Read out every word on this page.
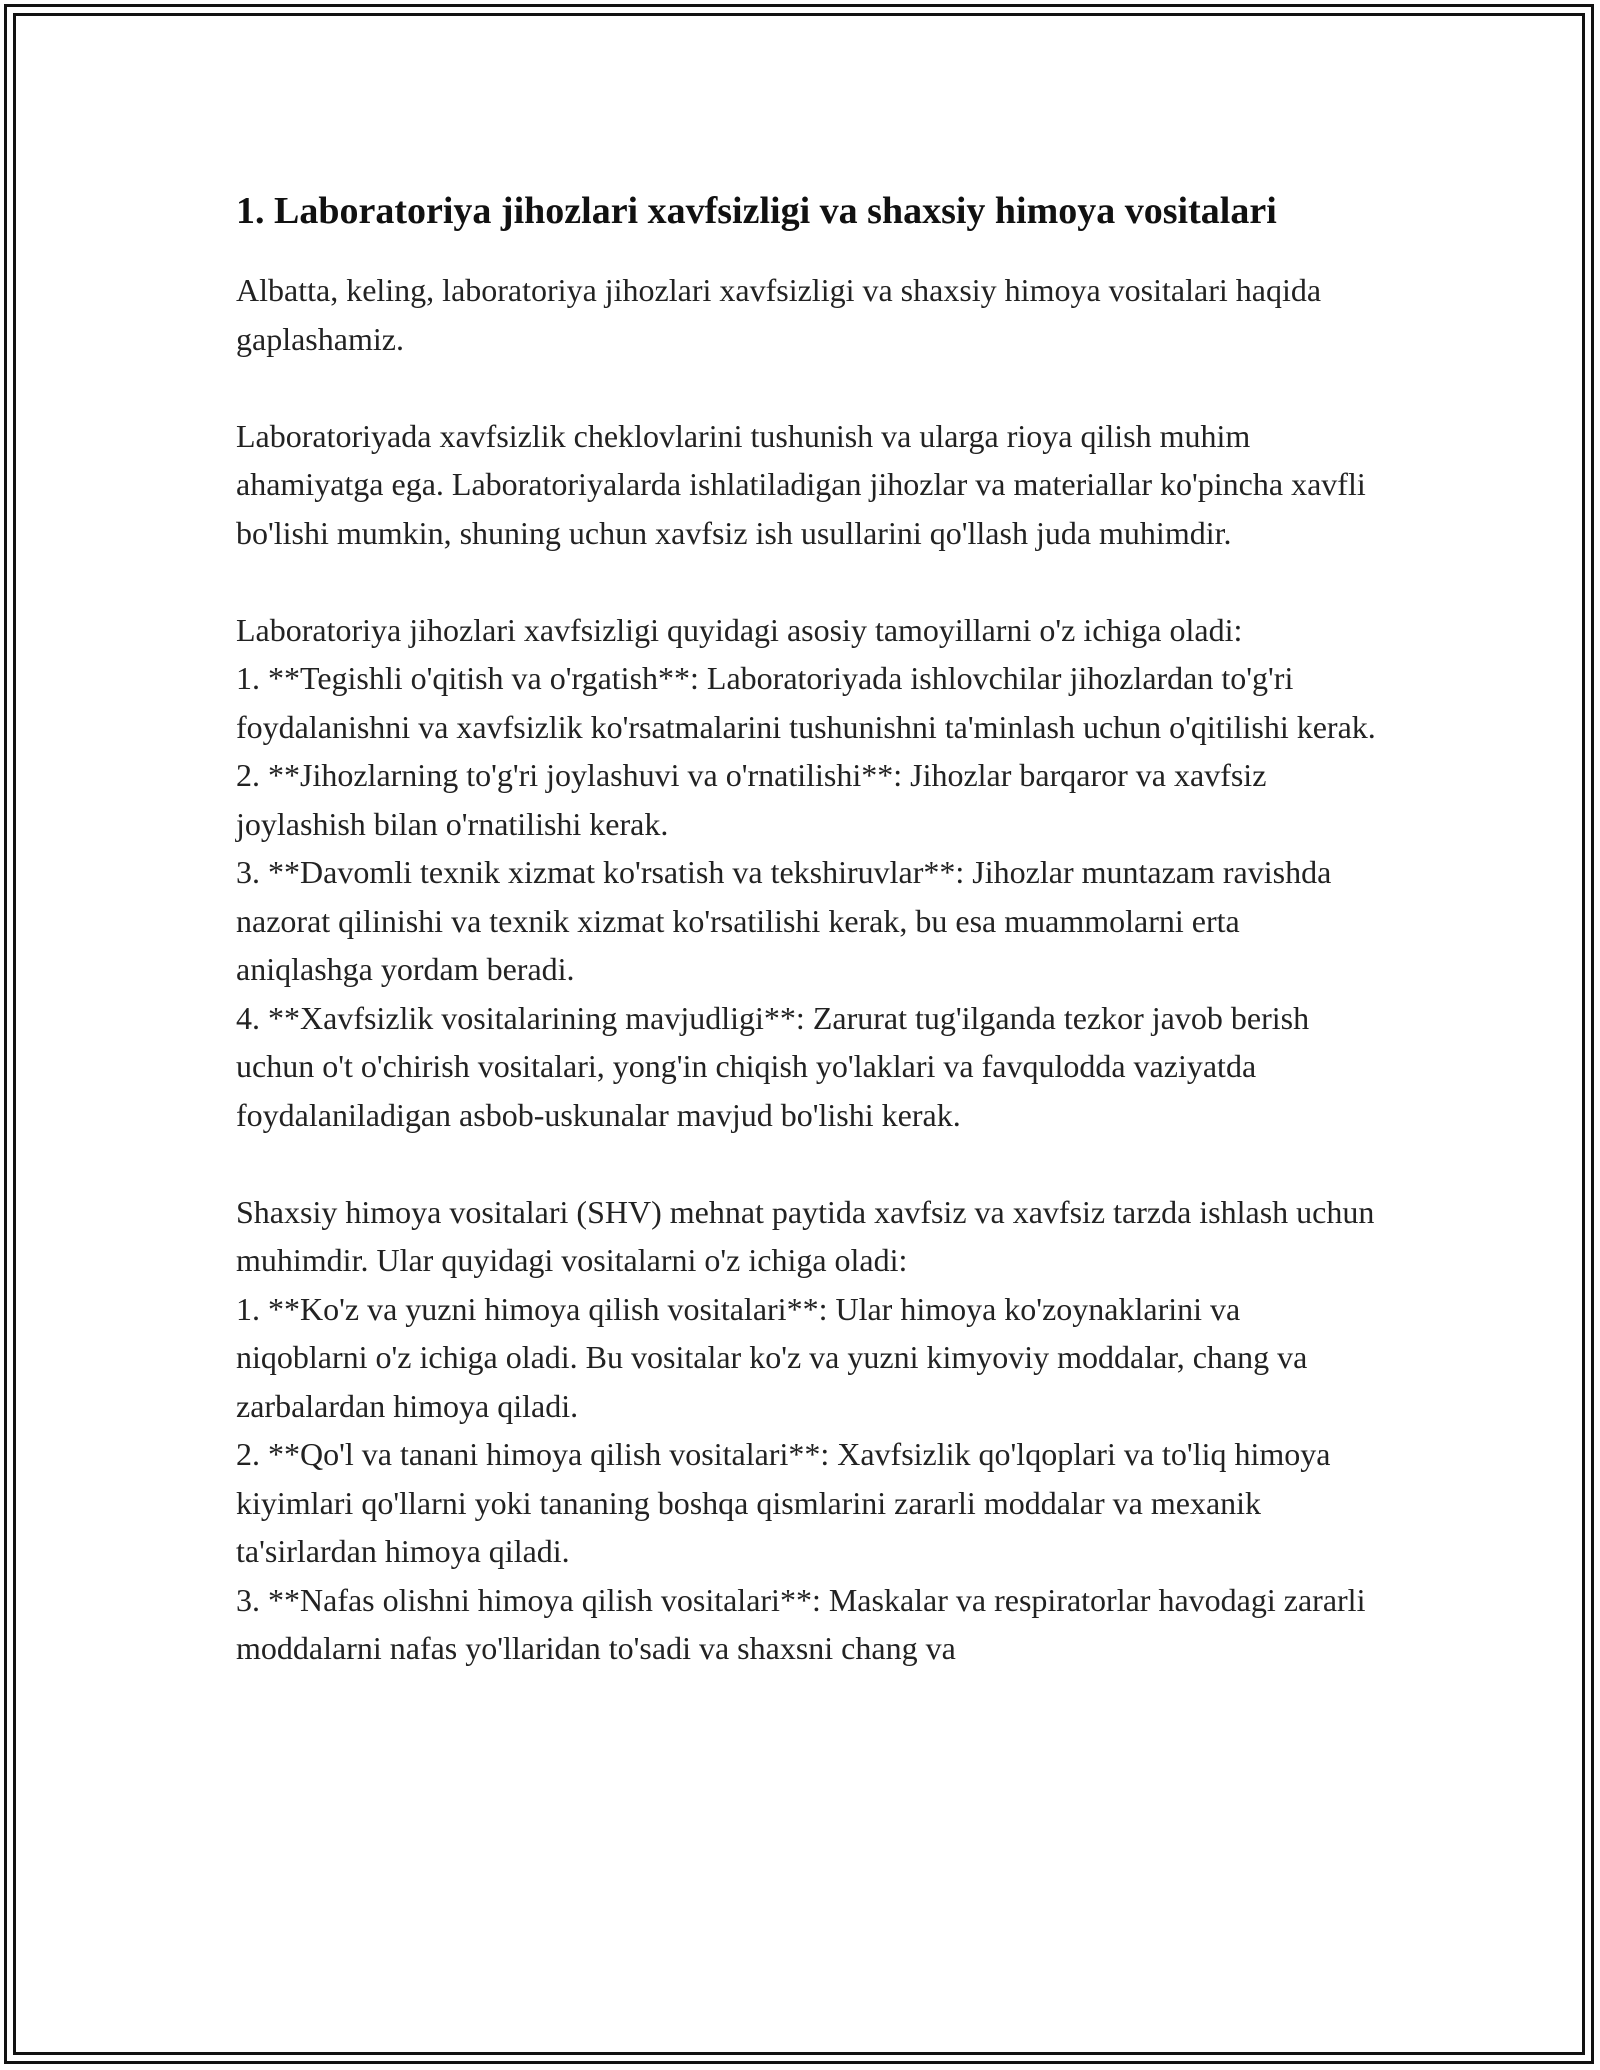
1. Laboratoriya jihozlari xavfsizligi va shaxsiy himoya vositalari

Albatta, keling, laboratoriya jihozlari xavfsizligi va shaxsiy himoya vositalari haqida gaplashamiz.

Laboratoriyada xavfsizlik cheklovlarini tushunish va ularga rioya qilish muhim ahamiyatga ega. Laboratoriyalarda ishlatiladigan jihozlar va materiallar ko'pincha xavfli bo'lishi mumkin, shuning uchun xavfsiz ish usullarini qo'llash juda muhimdir.

Laboratoriya jihozlari xavfsizligi quyidagi asosiy tamoyillarni o'z ichiga oladi:

1. **Tegishli o'qitish va o'rgatish**: Laboratoriyada ishlovchilar jihozlardan to'g'ri foydalanishni va xavfsizlik ko'rsatmalarini tushunishni ta'minlash uchun o'qitilishi kerak.

2. **Jihozlarning to'g'ri joylashuvi va o'rnatilishi**: Jihozlar barqaror va xavfsiz joylashish bilan o'rnatilishi kerak.

3. **Davomli texnik xizmat ko'rsatish va tekshiruvlar**: Jihozlar muntazam ravishda nazorat qilinishi va texnik xizmat ko'rsatilishi kerak, bu esa muammolarni erta aniqlashga yordam beradi.

4. **Xavfsizlik vositalarining mavjudligi**: Zarurat tug'ilganda tezkor javob berish uchun o't o'chirish vositalari, yong'in chiqish yo'laklari va favqulodda vaziyatda foydalaniladigan asbob-uskunalar mavjud bo'lishi kerak.

Shaxsiy himoya vositalari (SHV) mehnat paytida xavfsiz va xavfsiz tarzda ishlash uchun muhimdir. Ular quyidagi vositalarni o'z ichiga oladi:

1. **Ko'z va yuzni himoya qilish vositalari**: Ular himoya ko'zoynaklarini va niqoblarni o'z ichiga oladi. Bu vositalar ko'z va yuzni kimyoviy moddalar, chang va zarbalardan himoya qiladi.

2. **Qo'l va tanani himoya qilish vositalari**: Xavfsizlik qo'lqoplari va to'liq himoya kiyimlari qo'llarni yoki tananing boshqa qismlarini zararli moddalar va mexanik ta'sirlardan himoya qiladi.

3. **Nafas olishni himoya qilish vositalari**: Maskalar va respiratorlar havodagi zararli moddalarni nafas yo'llaridan to'sadi va shaxsni chang va
